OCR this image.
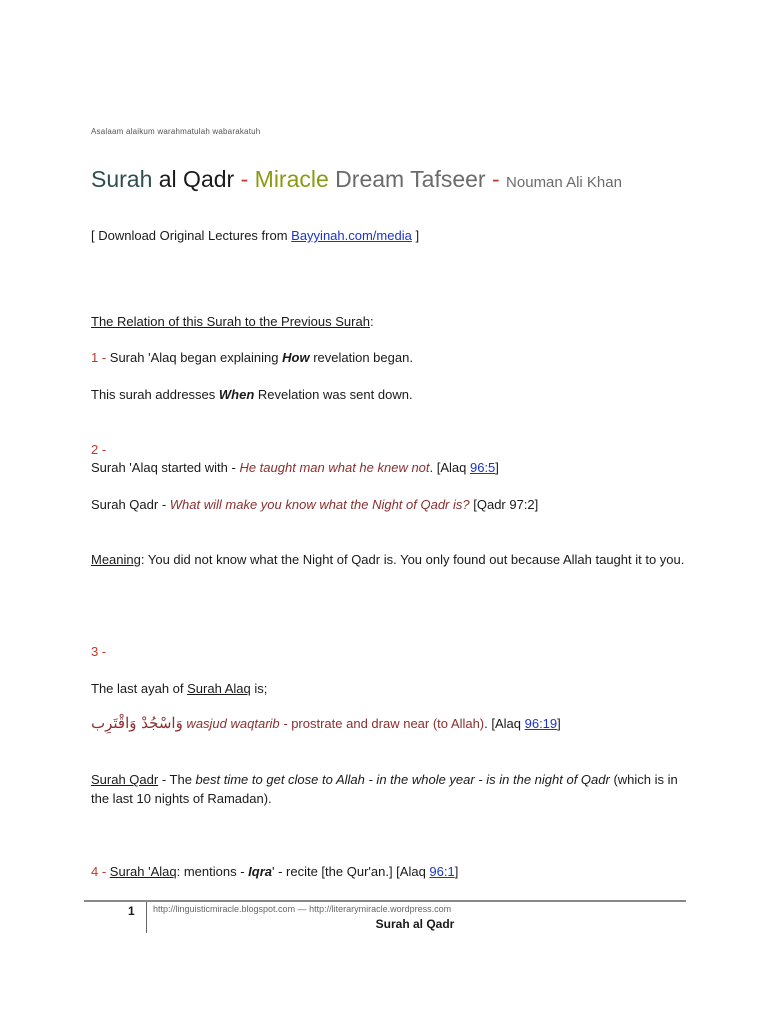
Asalaam alaikum warahmatulah wabarakatuh
Surah al Qadr - Miracle Dream Tafseer - Nouman Ali Khan
[ Download Original Lectures from Bayyinah.com/media ]
The Relation of this Surah to the Previous Surah:
1 - Surah 'Alaq began explaining How revelation began.
This surah addresses When Revelation was sent down.
2 -
Surah 'Alaq started with - He taught man what he knew not. [Alaq 96:5]
Surah Qadr - What will make you know what the Night of Qadr is? [Qadr 97:2]
Meaning: You did not know what the Night of Qadr is. You only found out because Allah taught it to you.
3 -
The last ayah of Surah Alaq is;
وَاسْجُدْ وَاقْتَرِب wasjud waqtarib - prostrate and draw near (to Allah). [Alaq 96:19]
Surah Qadr - The best time to get close to Allah - in the whole year - is in the night of Qadr (which is in the last 10 nights of Ramadan).
4 - Surah 'Alaq: mentions - Iqra' - recite [the Qur'an.] [Alaq 96:1]
1 http://linguisticmiracle.blogspot.com — http://literarymiracle.wordpress.com
Surah al Qadr
